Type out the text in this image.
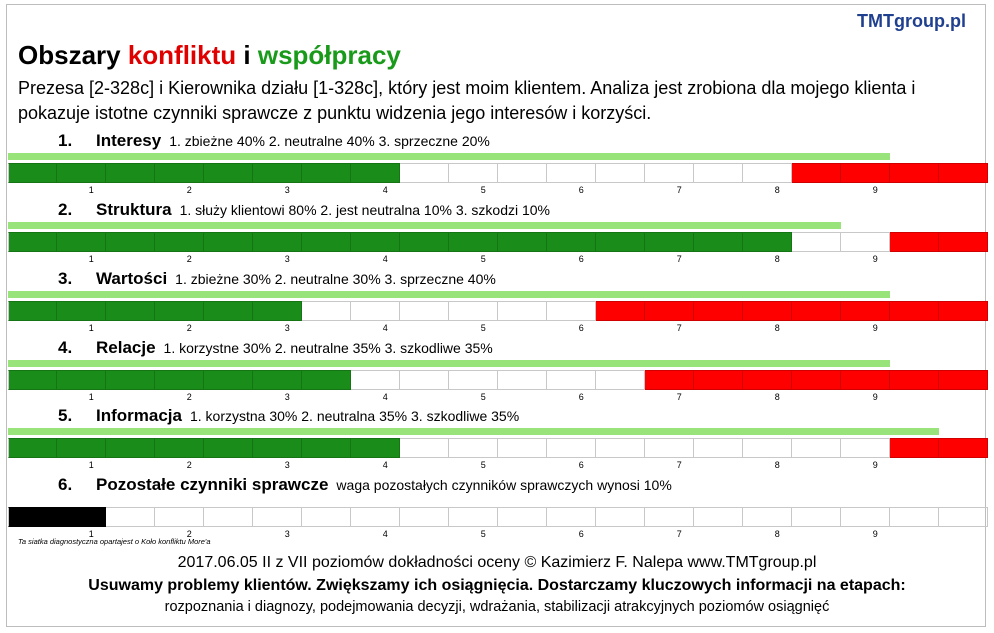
TMTgroup.pl
Obszary konfliktu i współpracy
Prezesa [2-328c] i Kierownika działu [1-328c], który jest moim klientem. Analiza jest zrobiona dla mojego klienta i pokazuje istotne czynniki sprawcze z punktu widzenia jego interesów i korzyści.
1. Interesy 1. zbieżne 40% 2. neutralne 40% 3. sprzeczne 20%
1	2	3	4	5	6	7	8	9
2. Struktura 1. służy klientowi 80% 2. jest neutralna 10% 3. szkodzi 10%
1	2	3	4	5	6	7	8	9
3. Wartości 1. zbieżne 30% 2. neutralne 30% 3. sprzeczne 40%
1	2	3	4	5	6	7	8	9
4. Relacje 1. korzystne 30% 2. neutralne 35% 3. szkodliwe 35%
1	2	3	4	5	6	7	8	9
5. Informacja 1. korzystna 30% 2. neutralna 35% 3. szkodliwe 35%
1	2	3	4	5	6	7	8	9
6. Pozostałe czynniki sprawcze waga pozostałych czynników sprawczych wynosi 10%
1	2	3	4	5	6	7	8	9
Ta siatka diagnostyczna opartajest o Koło konfliktu More'a
2017.06.05 II z VII poziomów dokładności oceny © Kazimierz F. Nalepa www.TMTgroup.pl
Usuwamy problemy klientów. Zwiększamy ich osiągnięcia. Dostarczamy kluczowych informacji na etapach:
rozpoznania i diagnozy, podejmowania decyzji, wdrażania, stabilizacji atrakcyjnych poziomów osiągnięć
